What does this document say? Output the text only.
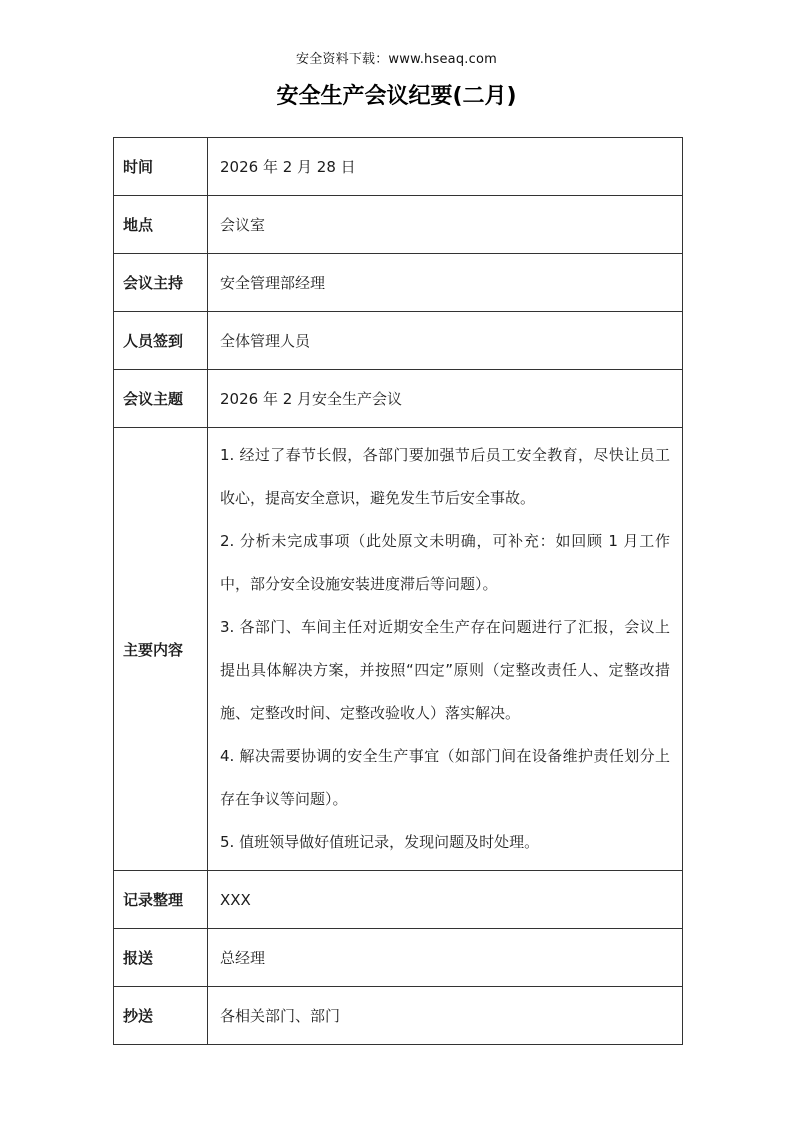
安全资料下载：www.hseaq.com
安全生产会议纪要(二月)
时间	2026 年 2 月 28 日
地点	会议室
会议主持	安全管理部经理
人员签到	全体管理人员
会议主题	2026 年 2 月安全生产会议
主要内容	1. 经过了春节长假，各部门要加强节后员工安全教育，尽快让员工收心，提高安全意识，避免发生节后安全事故。

2. 分析未完成事项（此处原文未明确，可补充：如回顾 1 月工作中，部分安全设施安装进度滞后等问题）。

3. 各部门、车间主任对近期安全生产存在问题进行了汇报，会议上提出具体解决方案，并按照“四定”原则（定整改责任人、定整改措施、定整改时间、定整改验收人）落实解决。

4. 解决需要协调的安全生产事宜（如部门间在设备维护责任划分上存在争议等问题）。

5. 值班领导做好值班记录，发现问题及时处理。

记录整理	XXX
报送	总经理
抄送	各相关部门、部门
